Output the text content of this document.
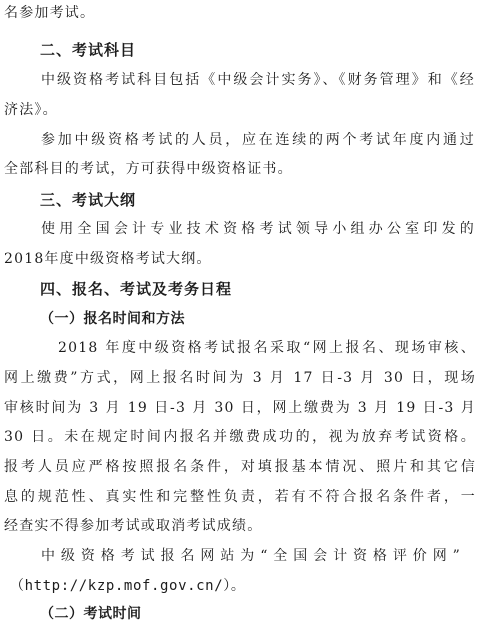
名参加考试。
二、考试科目
中级资格考试科目包括《中级会计实务》、《财务管理》和《经
济法》。
参加中级资格考试的人员，应在连续的两个考试年度内通过
全部科目的考试，方可获得中级资格证书。
三、考试大纲
使用全国会计专业技术资格考试领导小组办公室印发的
2018年度中级资格考试大纲。
四、报名、考试及考务日程
（一）报名时间和方法
2018 年度中级资格考试报名采取“网上报名、现场审核、
网上缴费”方式，网上报名时间为 3 月 17 日-3 月 30 日，现场
审核时间为 3 月 19 日-3 月 30 日，网上缴费为 3 月 19 日-3 月
30 日。未在规定时间内报名并缴费成功的，视为放弃考试资格。
报考人员应严格按照报名条件，对填报基本情况、照片和其它信
息的规范性、真实性和完整性负责，若有不符合报名条件者，一
经查实不得参加考试或取消考试成绩。
中级资格考试报名网站为“全国会计资格评价网”
（http://kzp.mof.gov.cn/）。
（二）考试时间
